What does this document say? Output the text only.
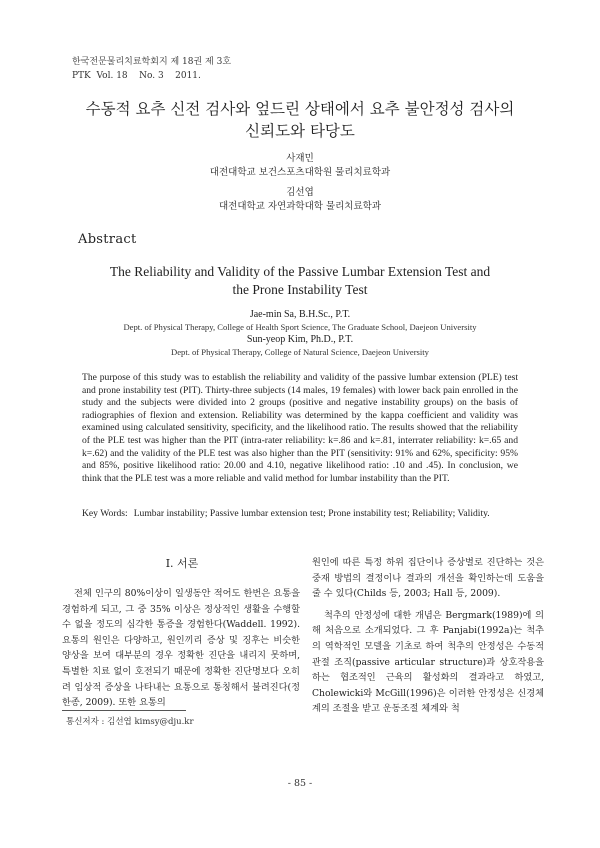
한국전문물리치료학회지 제 18권 제 3호
PTK  Vol. 18    No. 3    2011.
수동적 요추 신전 검사와 엎드린 상태에서 요추 불안정성 검사의
신뢰도와 타당도
사재민
대전대학교 보건스포츠대학원 물리치료학과
김선엽
대전대학교 자연과학대학 물리치료학과
Abstract
The Reliability and Validity of the Passive Lumbar Extension Test and
the Prone Instability Test
Jae-min Sa, B.H.Sc., P.T.
Dept. of Physical Therapy, College of Health Sport Science, The Graduate School, Daejeon University
Sun-yeop Kim, Ph.D., P.T.
Dept. of Physical Therapy, College of Natural Science, Daejeon University
The purpose of this study was to establish the reliability and validity of the passive lumbar extension (PLE) test and prone instability test (PIT). Thirty-three subjects (14 males, 19 females) with lower back pain enrolled in the study and the subjects were divided into 2 groups (positive and negative instability groups) on the basis of radiographies of flexion and extension. Reliability was determined by the kappa coefficient and validity was examined using calculated sensitivity, specificity, and the likelihood ratio. The results showed that the reliability of the PLE test was higher than the PIT (intra-rater reliability: k=.86 and k=.81, interrater reliability: k=.65 and k=.62) and the validity of the PLE test was also higher than the PIT (sensitivity: 91% and 62%, specificity: 95% and 85%, positive likelihood ratio: 20.00 and 4.10, negative likelihood ratio: .10 and .45). In conclusion, we think that the PLE test was a more reliable and valid method for lumbar instability than the PIT.
Key Words: Lumbar instability; Passive lumbar extension test; Prone instability test; Reliability; Validity.
Ⅰ. 서론

전체 인구의 80%이상이 일생동안 적어도 한번은 요통을 경험하게 되고, 그 중 35% 이상은 정상적인 생활을 수행할 수 없을 정도의 심각한 통증을 경험한다(Waddell. 1992). 요통의 원인은 다양하고, 원인끼리 증상 및 징후는 비슷한 양상을 보여 대부분의 경우 정확한 진단을 내리지 못하며, 특별한 치료 없이 호전되기 때문에 정확한 진단명보다 오히려 임상적 증상을 나타내는 요통으로 통칭해서 불려진다(정한종, 2009). 또한 요통의

원인에 따른 특정 하위 집단이나 증상별로 진단하는 것은 중재 방법의 결정이나 결과의 개선을 확인하는데 도움을 줄 수 있다(Childs 등, 2003; Hall 등, 2009).

척추의 안정성에 대한 개념은 Bergmark(1989)에 의해 처음으로 소개되었다. 그 후 Panjabi(1992a)는 척추의 역학적인 모델을 기초로 하여 척추의 안정성은 수동적 관절 조직(passive articular structure)과 상호작용을 하는 협조적인 근육의 활성화의 결과라고 하였고, Cholewicki와 McGill(1996)은 이러한 안정성은 신경체계의 조절을 받고 운동조절 체계와 척

통신저자 : 김선엽 kimsy@dju.kr
- 85 -
